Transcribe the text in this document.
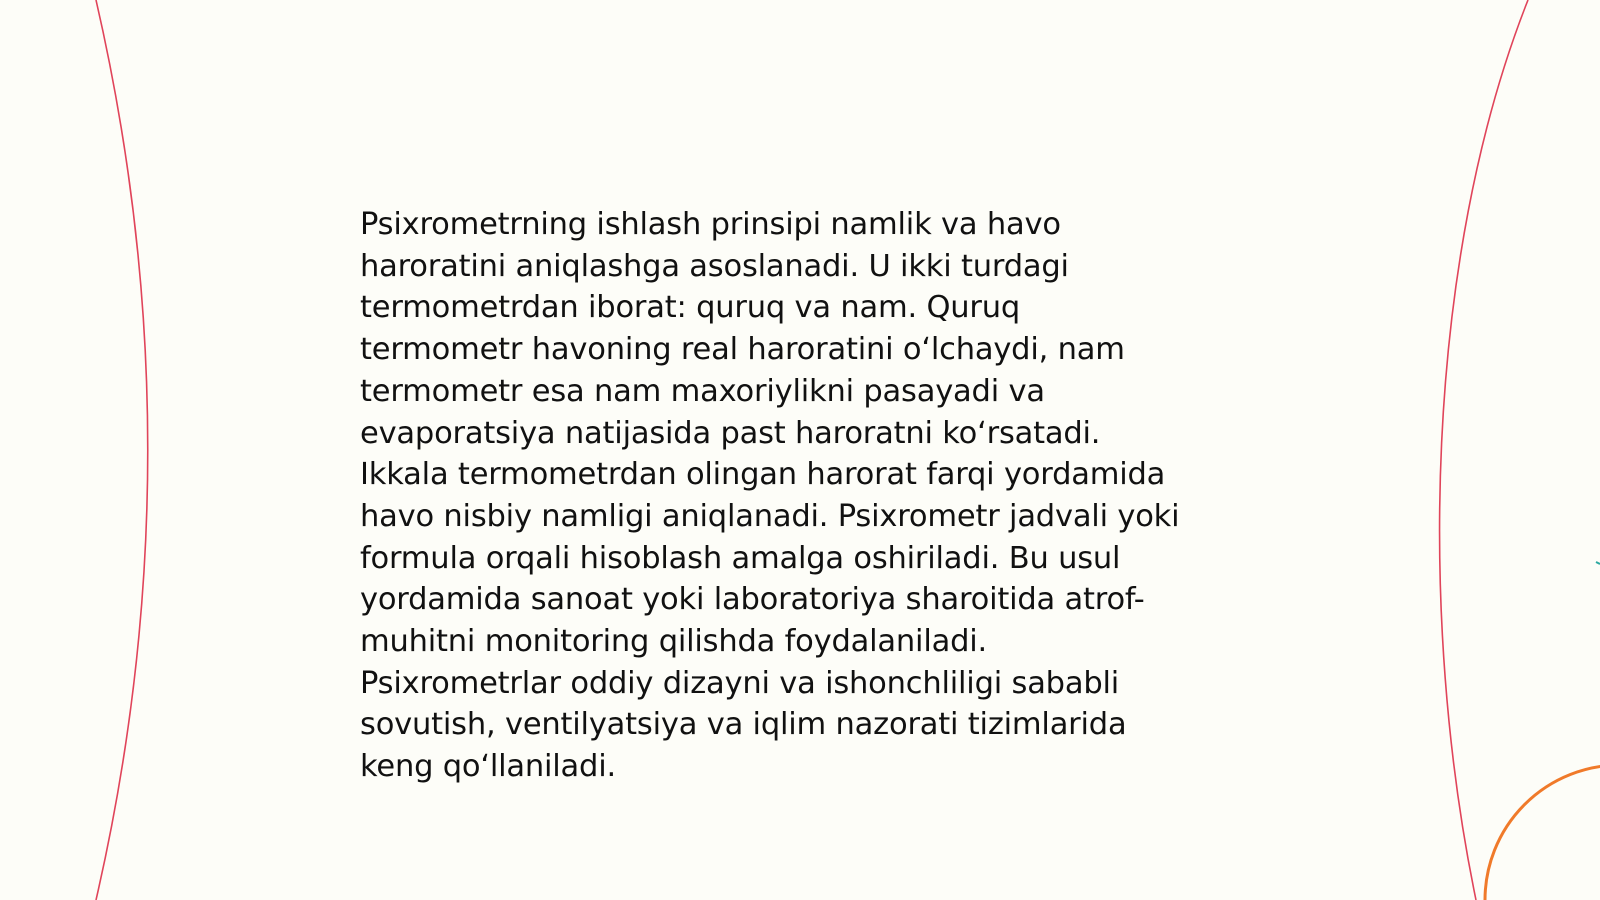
Psixrometrning ishlash prinsipi namlik va havo
haroratini aniqlashga asoslanadi. U ikki turdagi
termometrdan iborat: quruq va nam. Quruq
termometr havoning real haroratini o‘lchaydi, nam
termometr esa nam maxoriylikni pasayadi va
evaporatsiya natijasida past haroratni ko‘rsatadi.
Ikkala termometrdan olingan harorat farqi yordamida
havo nisbiy namligi aniqlanadi. Psixrometr jadvali yoki
formula orqali hisoblash amalga oshiriladi. Bu usul
yordamida sanoat yoki laboratoriya sharoitida atrof-
muhitni monitoring qilishda foydalaniladi.
Psixrometrlar oddiy dizayni va ishonchliligi sababli
sovutish, ventilyatsiya va iqlim nazorati tizimlarida
keng qo‘llaniladi.
